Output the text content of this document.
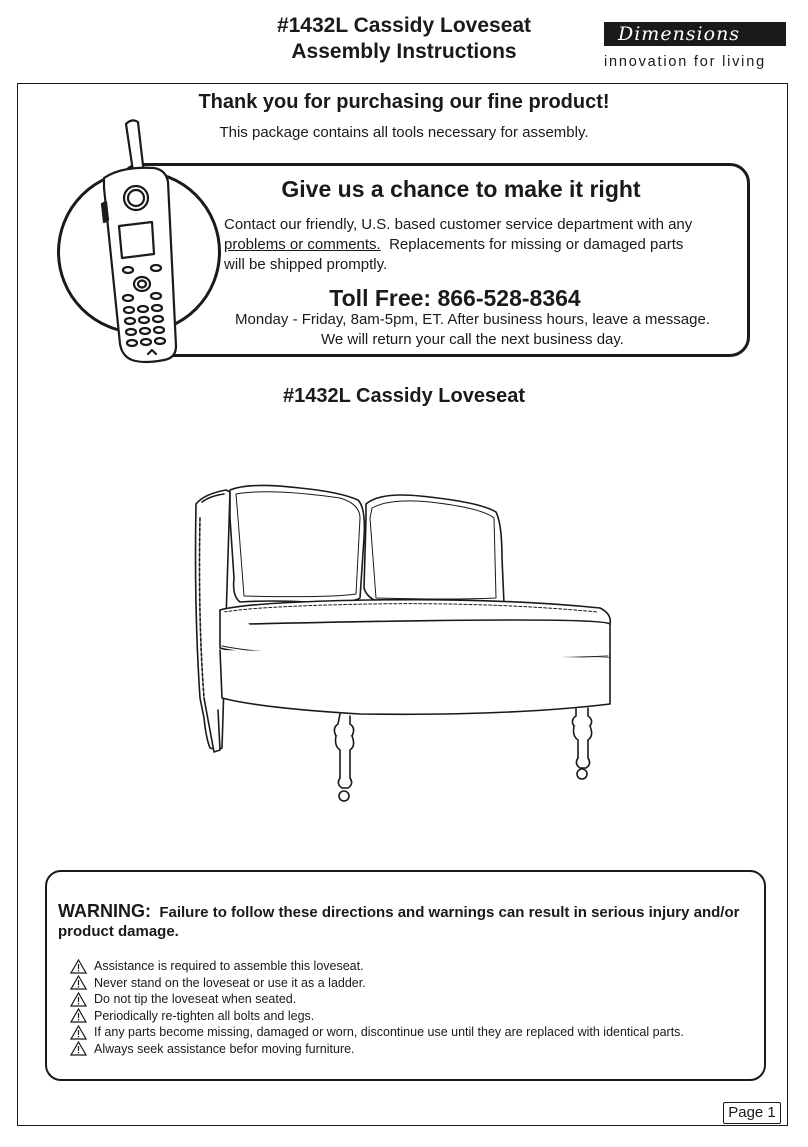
#1432L Cassidy Loveseat
Assembly Instructions
Dimensions
innovation for living
Thank you for purchasing our fine product!
This package contains all tools necessary for assembly.
Give us a chance to make it right
Contact our friendly, U.S. based customer service department with any
problems or comments. Replacements for missing or damaged parts
will be shipped promptly.
Toll Free: 866-528-8364
Monday - Friday, 8am-5pm, ET. After business hours, leave a message.
We will return your call the next business day.
#1432L Cassidy Loveseat
WARNING: Failure to follow these directions and warnings can result in serious injury and/or product damage.
Assistance is required to assemble this loveseat.
Never stand on the loveseat or use it as a ladder.
Do not tip the loveseat when seated.
Periodically re-tighten all bolts and legs.
If any parts become missing, damaged or worn, discontinue use until they are replaced with identical parts.
Always seek assistance befor moving furniture.
Page 1
